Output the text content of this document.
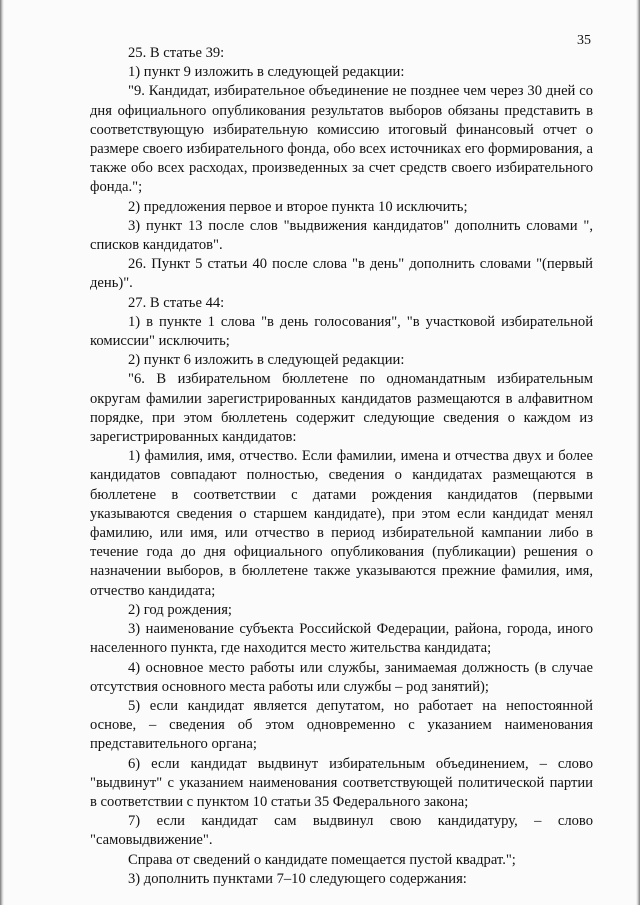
35

25. В статье 39:

1) пункт 9 изложить в следующей редакции:

"9. Кандидат, избирательное объединение не позднее чем через 30 дней со дня официального опубликования результатов выборов обязаны представить в соответствующую избирательную комиссию итоговый финансовый отчет о размере своего избирательного фонда, обо всех источниках его формирования, а также обо всех расходах, произведенных за счет средств своего избирательного фонда.";

2) предложения первое и второе пункта 10 исключить;

3) пункт 13 после слов "выдвижения кандидатов" дополнить словами ", списков кандидатов".

26. Пункт 5 статьи 40 после слова "в день" дополнить словами "(первый день)".

27. В статье 44:

1) в пункте 1 слова "в день голосования", "в участковой избирательной комиссии" исключить;

2) пункт 6 изложить в следующей редакции:

"6. В избирательном бюллетене по одномандатным избирательным округам фамилии зарегистрированных кандидатов размещаются в алфавитном порядке, при этом бюллетень содержит следующие сведения о каждом из зарегистрированных кандидатов:

1) фамилия, имя, отчество. Если фамилии, имена и отчества двух и более кандидатов совпадают полностью, сведения о кандидатах размещаются в бюллетене в соответствии с датами рождения кандидатов (первыми указываются сведения о старшем кандидате), при этом если кандидат менял фамилию, или имя, или отчество в период избирательной кампании либо в течение года до дня официального опубликования (публикации) решения о назначении выборов, в бюллетене также указываются прежние фамилия, имя, отчество кандидата;

2) год рождения;

3) наименование субъекта Российской Федерации, района, города, иного населенного пункта, где находится место жительства кандидата;

4) основное место работы или службы, занимаемая должность (в случае отсутствия основного места работы или службы – род занятий);

5) если кандидат является депутатом, но работает на непостоянной основе, – сведения об этом одновременно с указанием наименования представительного органа;

6) если кандидат выдвинут избирательным объединением, – слово "выдвинут" с указанием наименования соответствующей политической партии в соответствии с пунктом 10 статьи 35 Федерального закона;

7) если кандидат сам выдвинул свою кандидатуру, – слово "самовыдвижение".

Справа от сведений о кандидате помещается пустой квадрат.";

3) дополнить пунктами 7–10 следующего содержания:
